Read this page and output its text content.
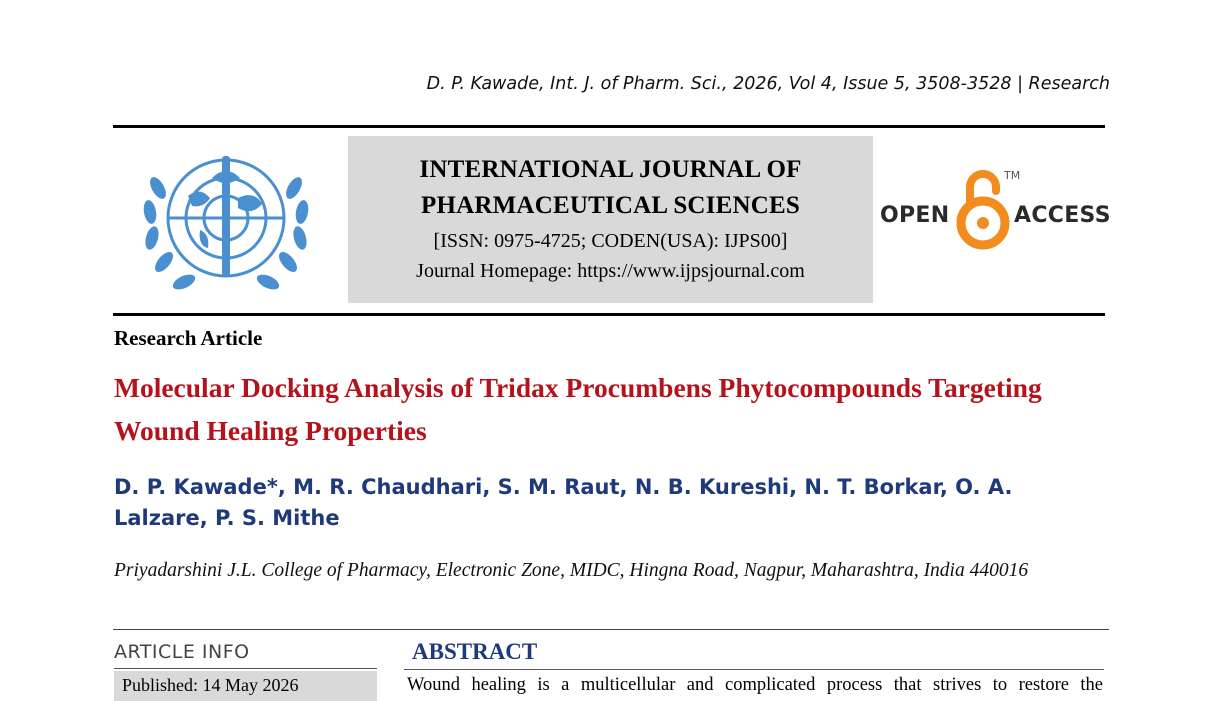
D. P. Kawade, Int. J. of Pharm. Sci., 2026, Vol 4, Issue 5, 3508-3528 | Research
INTERNATIONAL JOURNAL OF
PHARMACEUTICAL SCIENCES
[ISSN: 0975-4725; CODEN(USA): IJPS00]
Journal Homepage: https://www.ijpsjournal.com
OPEN
TM
ACCESS
Research Article
Molecular Docking Analysis of Tridax Procumbens Phytocompounds Targeting Wound Healing Properties
D. P. Kawade*, M. R. Chaudhari, S. M. Raut, N. B. Kureshi, N. T. Borkar, O. A. Lalzare, P. S. Mithe
Priyadarshini J.L. College of Pharmacy, Electronic Zone, MIDC, Hingna Road, Nagpur, Maharashtra, India 440016
ARTICLE INFO
Published: 14 May 2026
ABSTRACT
Wound healing is a multicellular and complicated process that strives to restore the
